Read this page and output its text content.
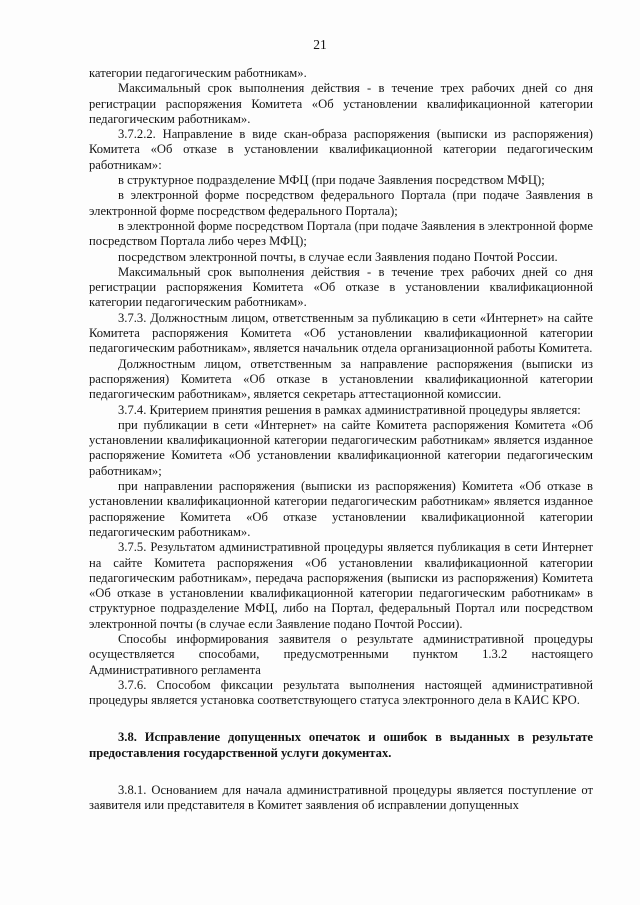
21

категории педагогическим работникам».

Максимальный срок выполнения действия - в течение трех рабочих дней со дня регистрации распоряжения Комитета «Об установлении квалификационной категории педагогическим работникам».

3.7.2.2. Направление в виде скан-образа распоряжения (выписки из распоряжения) Комитета «Об отказе в установлении квалификационной категории педагогическим работникам»:

в структурное подразделение МФЦ (при подаче Заявления посредством МФЦ);

в электронной форме посредством федерального Портала (при подаче Заявления в электронной форме посредством федерального Портала);

в электронной форме посредством Портала (при подаче Заявления в электронной форме посредством Портала либо через МФЦ);

посредством электронной почты, в случае если Заявления подано Почтой России.

Максимальный срок выполнения действия - в течение трех рабочих дней со дня регистрации распоряжения Комитета «Об отказе в установлении квалификационной категории педагогическим работникам».

3.7.3. Должностным лицом, ответственным за публикацию в сети «Интернет» на сайте Комитета распоряжения Комитета «Об установлении квалификационной категории педагогическим работникам», является начальник отдела организационной работы Комитета.

Должностным лицом, ответственным за направление распоряжения (выписки из распоряжения) Комитета «Об отказе в установлении квалификационной категории педагогическим работникам», является секретарь аттестационной комиссии.

3.7.4. Критерием принятия решения в рамках административной процедуры является:

при публикации в сети «Интернет» на сайте Комитета распоряжения Комитета «Об установлении квалификационной категории педагогическим работникам» является изданное распоряжение Комитета «Об установлении квалификационной категории педагогическим работникам»;

при направлении распоряжения (выписки из распоряжения) Комитета «Об отказе в установлении квалификационной категории педагогическим работникам» является изданное распоряжение Комитета «Об отказе установлении квалификационной категории педагогическим работникам».

3.7.5. Результатом административной процедуры является публикация в сети Интернет на сайте Комитета распоряжения «Об установлении квалификационной категории педагогическим работникам», передача распоряжения (выписки из распоряжения) Комитета «Об отказе в установлении квалификационной категории педагогическим работникам» в структурное подразделение МФЦ, либо на Портал, федеральный Портал или посредством электронной почты (в случае если Заявление подано Почтой России).

Способы информирования заявителя о результате административной процедуры осуществляется способами, предусмотренными пунктом 1.3.2 настоящего Административного регламента

3.7.6. Способом фиксации результата выполнения настоящей административной процедуры является установка соответствующего статуса электронного дела в КАИС КРО.

3.8. Исправление допущенных опечаток и ошибок в выданных в результате предоставления государственной услуги документах.

3.8.1. Основанием для начала административной процедуры является поступление от заявителя или представителя в Комитет заявления об исправлении допущенных
